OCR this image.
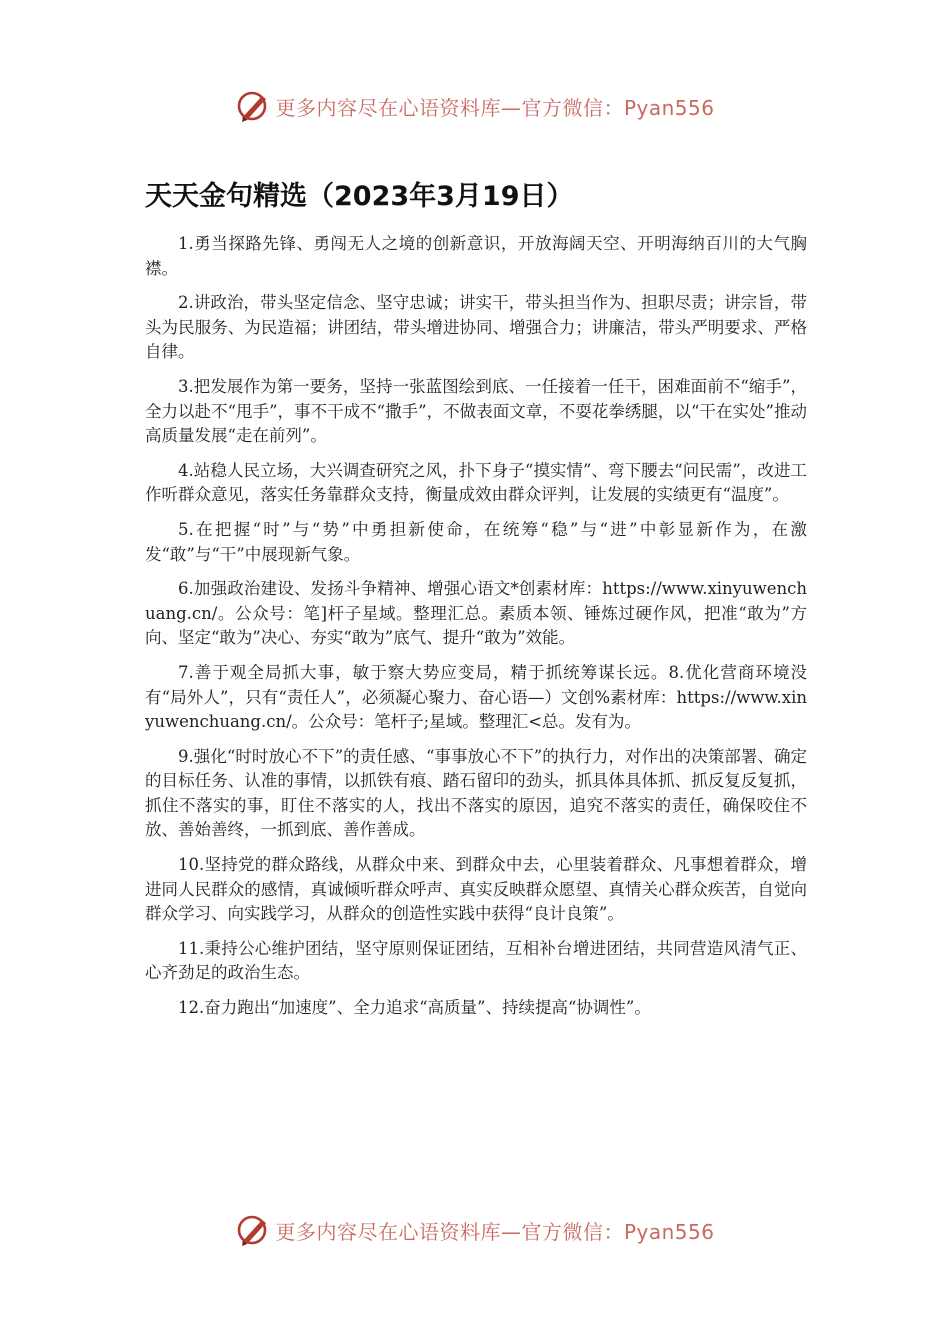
更多内容尽在心语资料库—官方微信：Pyan556
天天金句精选（2023年3月19日）

1.勇当探路先锋、勇闯无人之境的创新意识，开放海阔天空、开明海纳百川的大气胸襟。

2.讲政治，带头坚定信念、坚守忠诚；讲实干，带头担当作为、担职尽责；讲宗旨，带头为民服务、为民造福；讲团结，带头增进协同、增强合力；讲廉洁，带头严明要求、严格自律。

3.把发展作为第一要务，坚持一张蓝图绘到底、一任接着一任干，困难面前不“缩手”，全力以赴不“甩手”，事不干成不“撒手”，不做表面文章，不耍花拳绣腿，以“干在实处”推动高质量发展“走在前列”。

4.站稳人民立场，大兴调查研究之风，扑下身子“摸实情”、弯下腰去“问民需”，改进工作听群众意见，落实任务靠群众支持，衡量成效由群众评判，让发展的实绩更有“温度”。

5.在把握“时”与“势”中勇担新使命，在统筹“稳”与“进”中彰显新作为，在激发“敢”与“干”中展现新气象。

6.加强政治建设、发扬斗争精神、增强心语文*创素材库：https://www.xinyuwenchuang.cn/。公众号：笔]杆子星域。整理汇总。素质本领、锤炼过硬作风，把准“敢为”方向、坚定“敢为”决心、夯实“敢为”底气、提升“敢为”效能。

7.善于观全局抓大事，敏于察大势应变局，精于抓统筹谋长远。8.优化营商环境没有“局外人”，只有“责任人”，必须凝心聚力、奋心语—）文创%素材库：https://www.xinyuwenchuang.cn/。公众号：笔杆子;星域。整理汇<总。发有为。

9.强化“时时放心不下”的责任感、“事事放心不下”的执行力，对作出的决策部署、确定的目标任务、认准的事情，以抓铁有痕、踏石留印的劲头，抓具体具体抓、抓反复反复抓，抓住不落实的事，盯住不落实的人，找出不落实的原因，追究不落实的责任，确保咬住不放、善始善终，一抓到底、善作善成。

10.坚持党的群众路线，从群众中来、到群众中去，心里装着群众、凡事想着群众，增进同人民群众的感情，真诚倾听群众呼声、真实反映群众愿望、真情关心群众疾苦，自觉向群众学习、向实践学习，从群众的创造性实践中获得“良计良策”。

11.秉持公心维护团结，坚守原则保证团结，互相补台增进团结，共同营造风清气正、心齐劲足的政治生态。

12.奋力跑出“加速度”、全力追求“高质量”、持续提高“协调性”。

更多内容尽在心语资料库—官方微信：Pyan556
